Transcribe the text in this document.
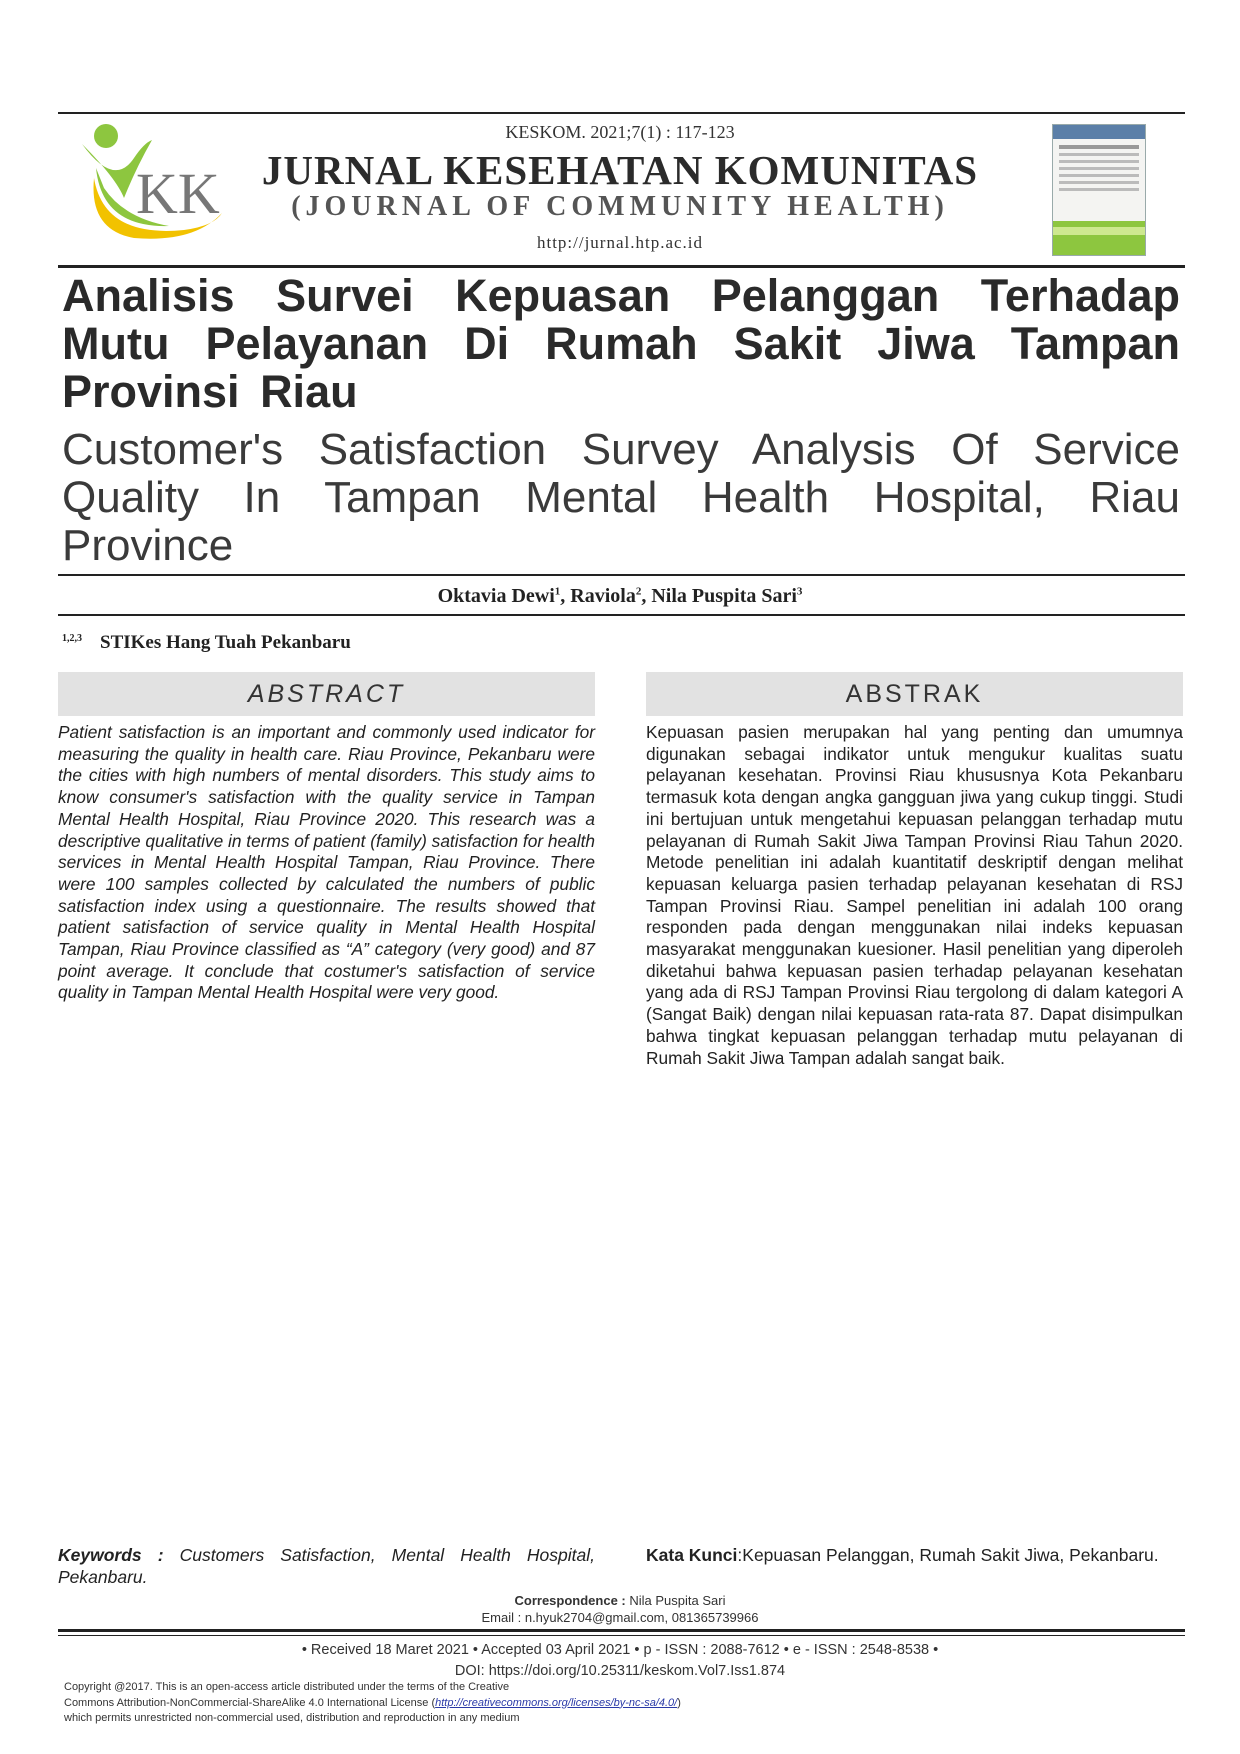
KK
KESKOM. 2021;7(1) : 117-123
JURNAL KESEHATAN KOMUNITAS
(JOURNAL OF COMMUNITY HEALTH)
http://jurnal.htp.ac.id
Analisis Survei Kepuasan Pelanggan Terhadap Mutu Pelayanan Di Rumah Sakit Jiwa Tampan Provinsi Riau
Customer's Satisfaction Survey Analysis Of Service Quality In Tampan Mental Health Hospital, Riau Province
Oktavia Dewi$^1$, Raviola$^2$, Nila Puspita Sari$^3$
$^{1,2,3}$ STIKes Hang Tuah Pekanbaru
ABSTRACT	ABSTRAK
Patient satisfaction is an important and commonly used indicator for measuring the quality in health care. Riau Province, Pekanbaru were the cities with high numbers of mental disorders. This study aims to know consumer's satisfaction with the quality service in Tampan Mental Health Hospital, Riau Province 2020. This research was a descriptive qualitative in terms of patient (family) satisfaction for health services in Mental Health Hospital Tampan, Riau Province. There were 100 samples collected by calculated the numbers of public satisfaction index using a questionnaire. The results showed that patient satisfaction of service quality in Mental Health Hospital Tampan, Riau Province classified as “A” category (very good) and 87 point average. It conclude that costumer's satisfaction of service quality in Tampan Mental Health Hospital were very good.
Kepuasan pasien merupakan hal yang penting dan umumnya digunakan sebagai indikator untuk mengukur kualitas suatu pelayanan kesehatan. Provinsi Riau khususnya Kota Pekanbaru termasuk kota dengan angka gangguan jiwa yang cukup tinggi. Studi ini bertujuan untuk mengetahui kepuasan pelanggan terhadap mutu pelayanan di Rumah Sakit Jiwa Tampan Provinsi Riau Tahun 2020. Metode penelitian ini adalah kuantitatif deskriptif dengan melihat kepuasan keluarga pasien terhadap pelayanan kesehatan di RSJ Tampan Provinsi Riau. Sampel penelitian ini adalah 100 orang responden pada dengan menggunakan nilai indeks kepuasan masyarakat menggunakan kuesioner. Hasil penelitian yang diperoleh diketahui bahwa kepuasan pasien terhadap pelayanan kesehatan yang ada di RSJ Tampan Provinsi Riau tergolong di dalam kategori A (Sangat Baik) dengan nilai kepuasan rata-rata 87. Dapat disimpulkan bahwa tingkat kepuasan pelanggan terhadap mutu pelayanan di Rumah Sakit Jiwa Tampan adalah sangat baik.
Keywords : Customers Satisfaction, Mental Health Hospital, Pekanbaru.
Kata Kunci:Kepuasan Pelanggan, Rumah Sakit Jiwa, Pekanbaru.
Correspondence : Nila Puspita Sari
Email : n.hyuk2704@gmail.com, 081365739966
• Received 18 Maret 2021 • Accepted 03 April 2021 • p - ISSN : 2088-7612 • e - ISSN : 2548-8538 •
DOI: https://doi.org/10.25311/keskom.Vol7.Iss1.874
Copyright @2017. This is an open-access article distributed under the terms of the Creative
Commons Attribution-NonCommercial-ShareAlike 4.0 International License (http://creativecommons.org/licenses/by-nc-sa/4.0/)
which permits unrestricted non-commercial used, distribution and reproduction in any medium
